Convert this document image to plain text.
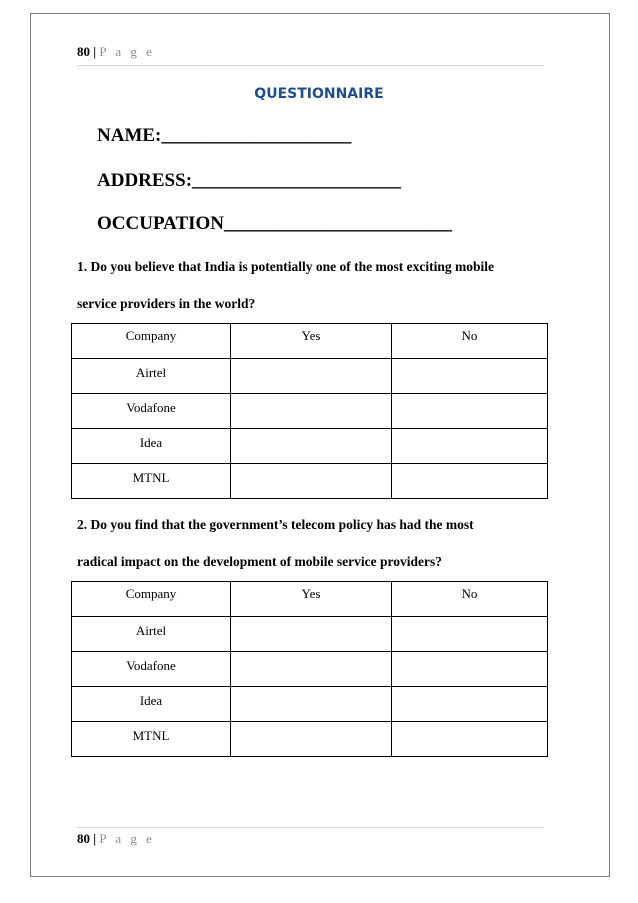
80 | P a g e
QUESTIONNAIRE
NAME:____________________
ADDRESS:______________________
OCCUPATION________________________
1. Do you believe that India is potentially one of the most exciting mobile
service providers in the world?
Company	Yes	No

Airtel		

Vodafone		

Idea		

MTNL		

2. Do you find that the government’s telecom policy has had the most
radical impact on the development of mobile service providers?
Company	Yes	No

Airtel		

Vodafone		

Idea		

MTNL		

80 | P a g e
